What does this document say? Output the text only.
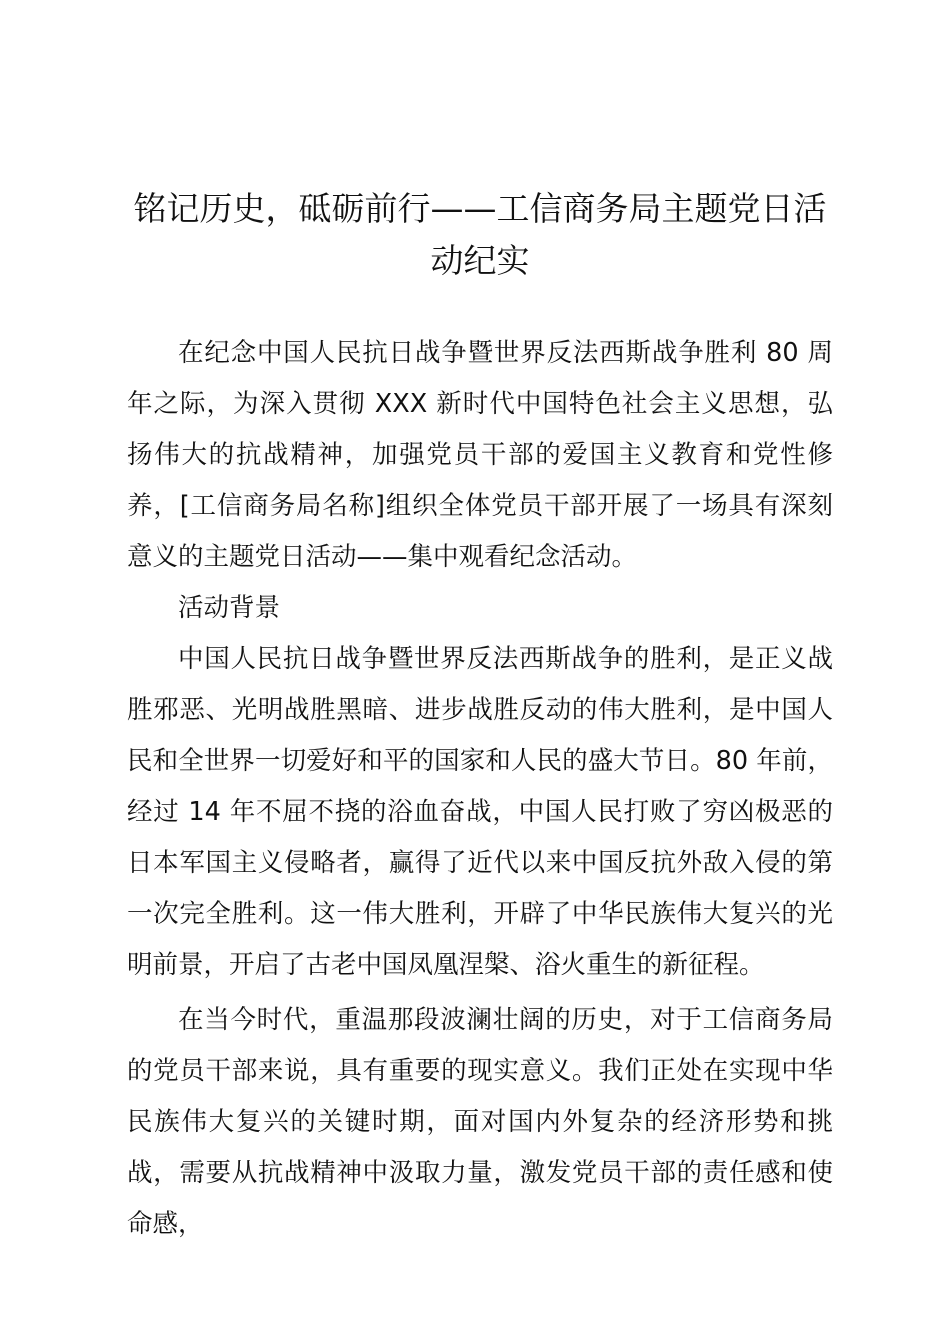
铭记历史，砥砺前行——工信商务局主题党日活动纪实

在纪念中国人民抗日战争暨世界反法西斯战争胜利 80 周年之际，为深入贯彻 XXX 新时代中国特色社会主义思想，弘扬伟大的抗战精神，加强党员干部的爱国主义教育和党性修养，[工信商务局名称]组织全体党员干部开展了一场具有深刻意义的主题党日活动——集中观看纪念活动。

活动背景

中国人民抗日战争暨世界反法西斯战争的胜利，是正义战胜邪恶、光明战胜黑暗、进步战胜反动的伟大胜利，是中国人民和全世界一切爱好和平的国家和人民的盛大节日。80 年前，经过 14 年不屈不挠的浴血奋战，中国人民打败了穷凶极恶的日本军国主义侵略者，赢得了近代以来中国反抗外敌入侵的第一次完全胜利。这一伟大胜利，开辟了中华民族伟大复兴的光明前景，开启了古老中国凤凰涅槃、浴火重生的新征程。

在当今时代，重温那段波澜壮阔的历史，对于工信商务局的党员干部来说，具有重要的现实意义。我们正处在实现中华民族伟大复兴的关键时期，面对国内外复杂的经济形势和挑战，需要从抗战精神中汲取力量，激发党员干部的责任感和使命感，
